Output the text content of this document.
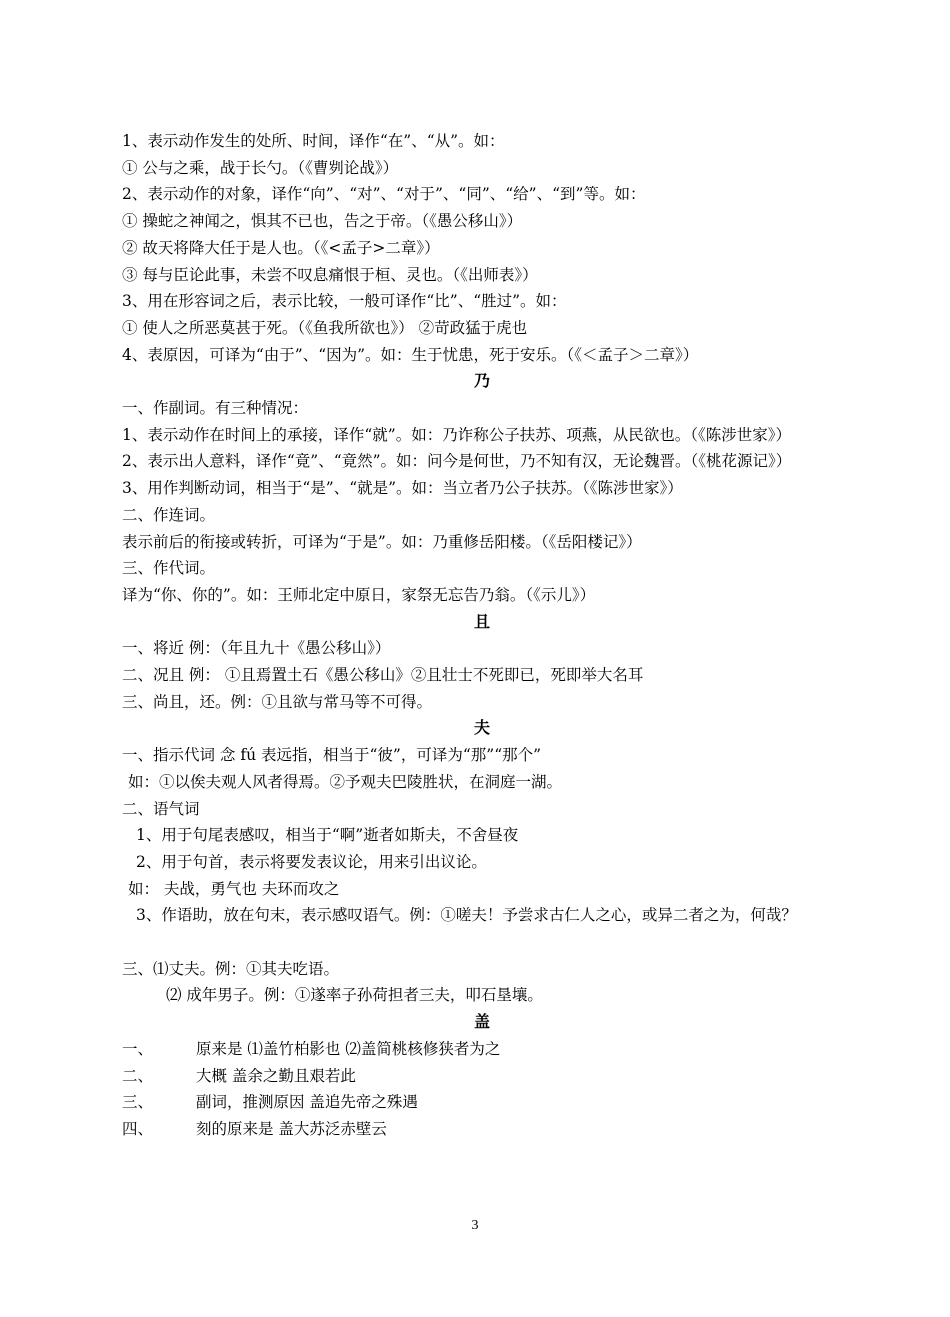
1、表示动作发生的处所、时间，译作“在”、“从”。如：
① 公与之乘，战于长勺。（《曹刿论战》）
2、表示动作的对象，译作“向”、“对”、“对于”、“同”、“给”、“到”等。如：
① 操蛇之神闻之，惧其不已也，告之于帝。（《愚公移山》）
② 故天将降大任于是人也。（《<孟子>二章》）
③ 每与臣论此事，未尝不叹息痛恨于桓、灵也。（《出师表》）
3、用在形容词之后，表示比较，一般可译作“比”、“胜过”。如：
① 使人之所恶莫甚于死。（《鱼我所欲也》） ②苛政猛于虎也
4、表原因，可译为“由于”、“因为”。如：生于忧患，死于安乐。（《＜孟子＞二章》）
乃
一、作副词。有三种情况：
1、表示动作在时间上的承接，译作“就”。如：乃诈称公子扶苏、项燕，从民欲也。（《陈涉世家》）
2、表示出人意料，译作“竟”、“竟然”。如：问今是何世，乃不知有汉，无论魏晋。（《桃花源记》）
3、用作判断动词，相当于“是”、“就是”。如：当立者乃公子扶苏。（《陈涉世家》）
二、作连词。
表示前后的衔接或转折，可译为“于是”。如：乃重修岳阳楼。（《岳阳楼记》）
三、作代词。
译为“你、你的”。如：王师北定中原日，家祭无忘告乃翁。（《示儿》）
且
一、将近 例：（年且九十《愚公移山》）
二、况且 例： ①且焉置土石《愚公移山》②且壮士不死即已，死即举大名耳
三、尚且，还。例：①且欲与常马等不可得。
夫
一、指示代词 念 fú 表远指，相当于“彼”，可译为“那”“那个”
如：①以俟夫观人风者得焉。②予观夫巴陵胜状，在洞庭一湖。
二、语气词
1、用于句尾表感叹，相当于“啊”逝者如斯夫，不舍昼夜
2、用于句首，表示将要发表议论，用来引出议论。
如： 夫战，勇气也 夫环而攻之
3、作语助，放在句末，表示感叹语气。例：①嗟夫！予尝求古仁人之心，或异二者之为，何哉？
三、⑴丈夫。例：①其夫吃语。
⑵ 成年男子。例：①遂率子孙荷担者三夫，叩石垦壤。
盖
一、	原来是 ⑴盖竹柏影也 ⑵盖简桃核修狭者为之
二、	大概 盖余之勤且艰若此
三、	副词，推测原因 盖追先帝之殊遇
四、	刻的原来是 盖大苏泛赤壁云
3
